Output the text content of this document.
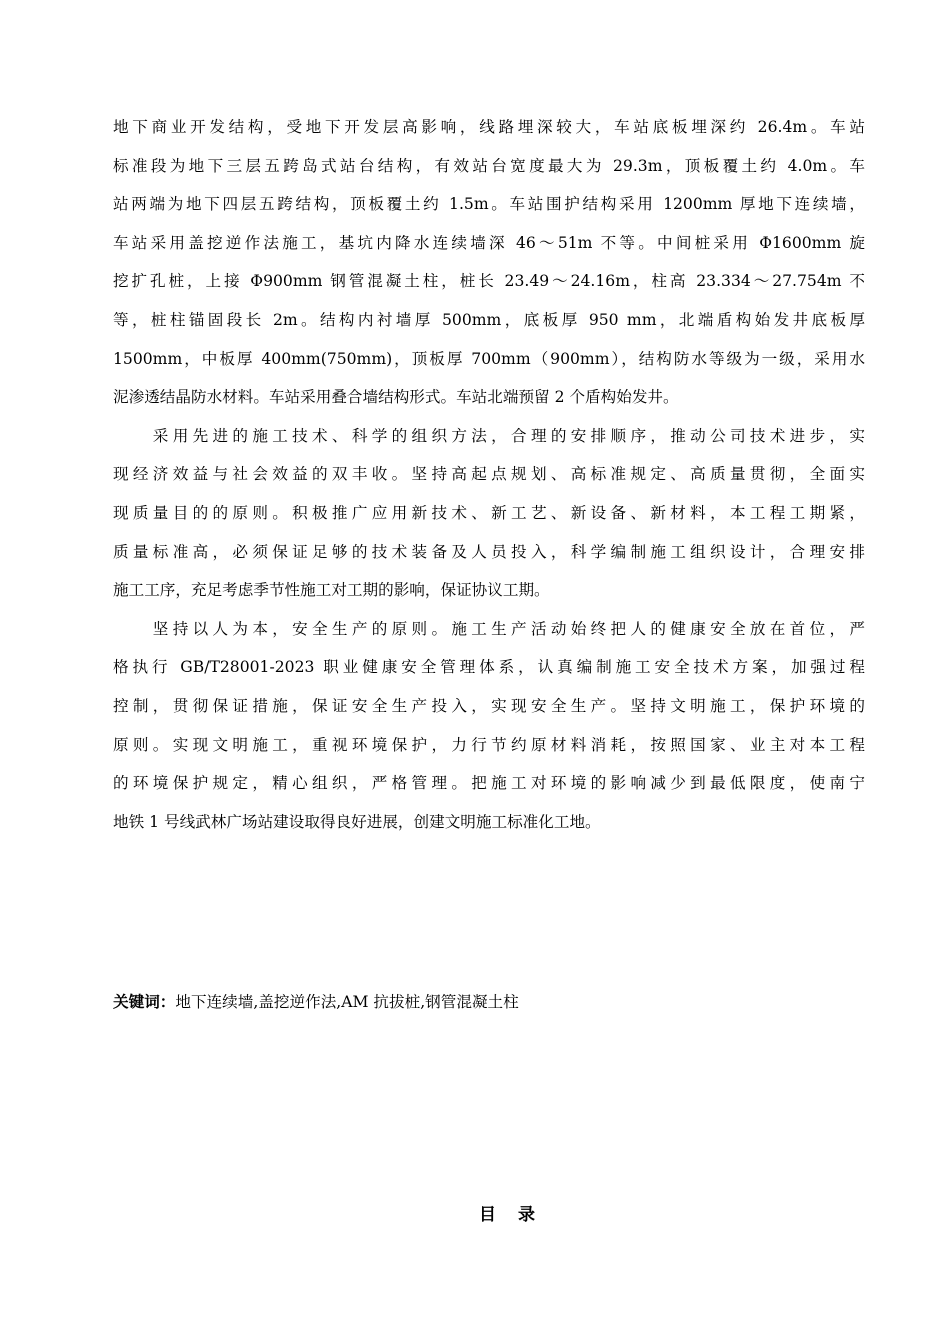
地下商业开发结构，受地下开发层高影响，线路埋深较大，车站底板埋深约 26.4m。车站
标准段为地下三层五跨岛式站台结构，有效站台宽度最大为 29.3m，顶板覆土约 4.0m。车
站两端为地下四层五跨结构，顶板覆土约 1.5m。车站围护结构采用 1200mm 厚地下连续墙，
车站采用盖挖逆作法施工，基坑内降水连续墙深 46～51m 不等。中间桩采用 Φ1600mm 旋
挖扩孔桩，上接 Φ900mm 钢管混凝土柱，桩长 23.49～24.16m，柱高 23.334～27.754m 不
等，桩柱锚固段长 2m。结构内衬墙厚 500mm，底板厚 950 mm，北端盾构始发井底板厚
1500mm，中板厚 400mm(750mm)，顶板厚 700mm（900mm），结构防水等级为一级，采用水
泥渗透结晶防水材料。车站采用叠合墙结构形式。车站北端预留 2 个盾构始发井。
　　采用先进的施工技术、科学的组织方法，合理的安排顺序，推动公司技术进步，实
现经济效益与社会效益的双丰收。坚持高起点规划、高标准规定、高质量贯彻，全面实
现质量目的的原则。积极推广应用新技术、新工艺、新设备、新材料，本工程工期紧，
质量标准高，必须保证足够的技术装备及人员投入，科学编制施工组织设计，合理安排
施工工序，充足考虑季节性施工对工期的影响，保证协议工期。
　　坚持以人为本，安全生产的原则。施工生产活动始终把人的健康安全放在首位，严
格执行 GB/T28001-2023 职业健康安全管理体系，认真编制施工安全技术方案，加强过程
控制，贯彻保证措施，保证安全生产投入，实现安全生产。坚持文明施工，保护环境的
原则。实现文明施工，重视环境保护，力行节约原材料消耗，按照国家、业主对本工程
的环境保护规定，精心组织，严格管理。把施工对环境的影响减少到最低限度，使南宁
地铁 1 号线武林广场站建设取得良好进展，创建文明施工标准化工地。
关键词：地下连续墙,盖挖逆作法,AM 抗拔桩,钢管混凝土柱
目录
